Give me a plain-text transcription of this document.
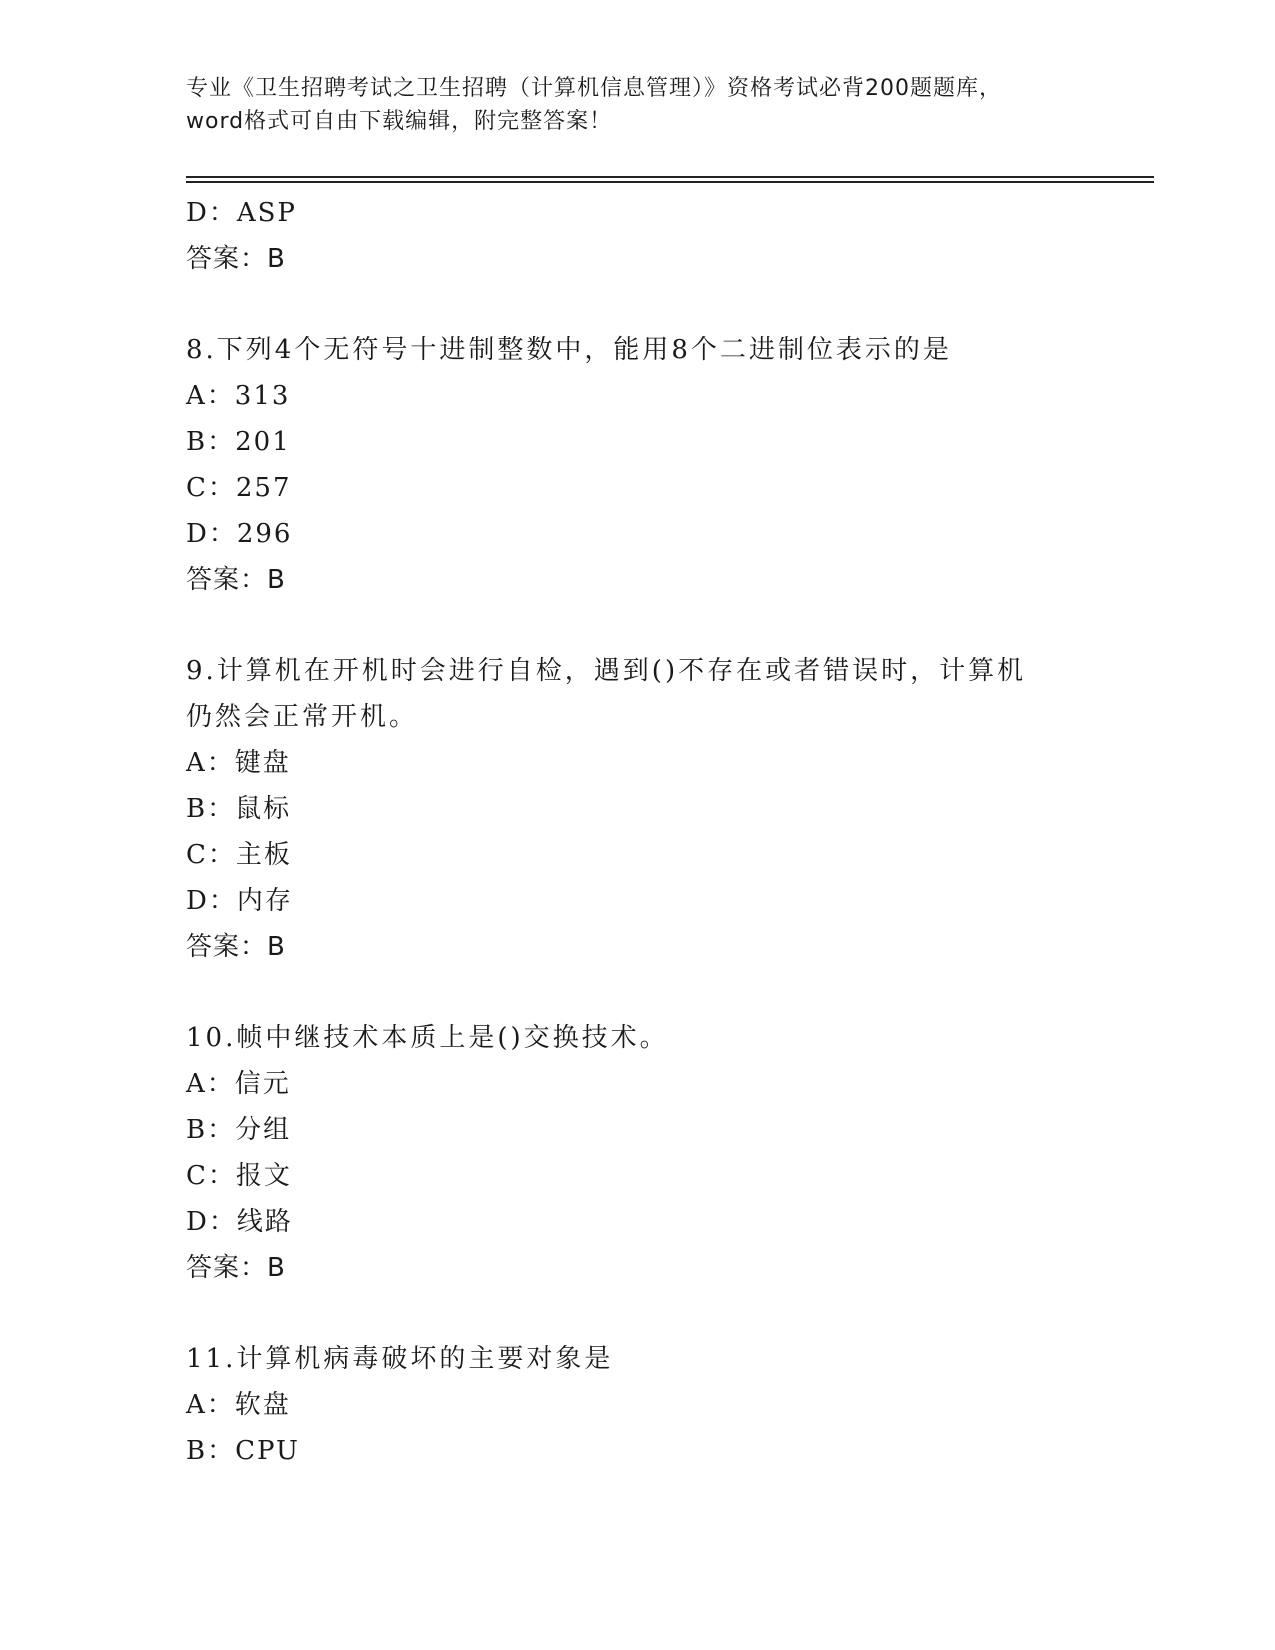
专业《卫生招聘考试之卫生招聘（计算机信息管理）》资格考试必背200题题库，
word格式可自由下载编辑，附完整答案！
D：ASP
答案：B
8.下列4个无符号十进制整数中，能用8个二进制位表示的是
A：313
B：201
C：257
D：296
答案：B
9.计算机在开机时会进行自检，遇到()不存在或者错误时，计算机仍然会正常开机。
A：键盘
B：鼠标
C：主板
D：内存
答案：B
10.帧中继技术本质上是()交换技术。
A：信元
B：分组
C：报文
D：线路
答案：B
11.计算机病毒破坏的主要对象是
A：软盘
B：CPU
